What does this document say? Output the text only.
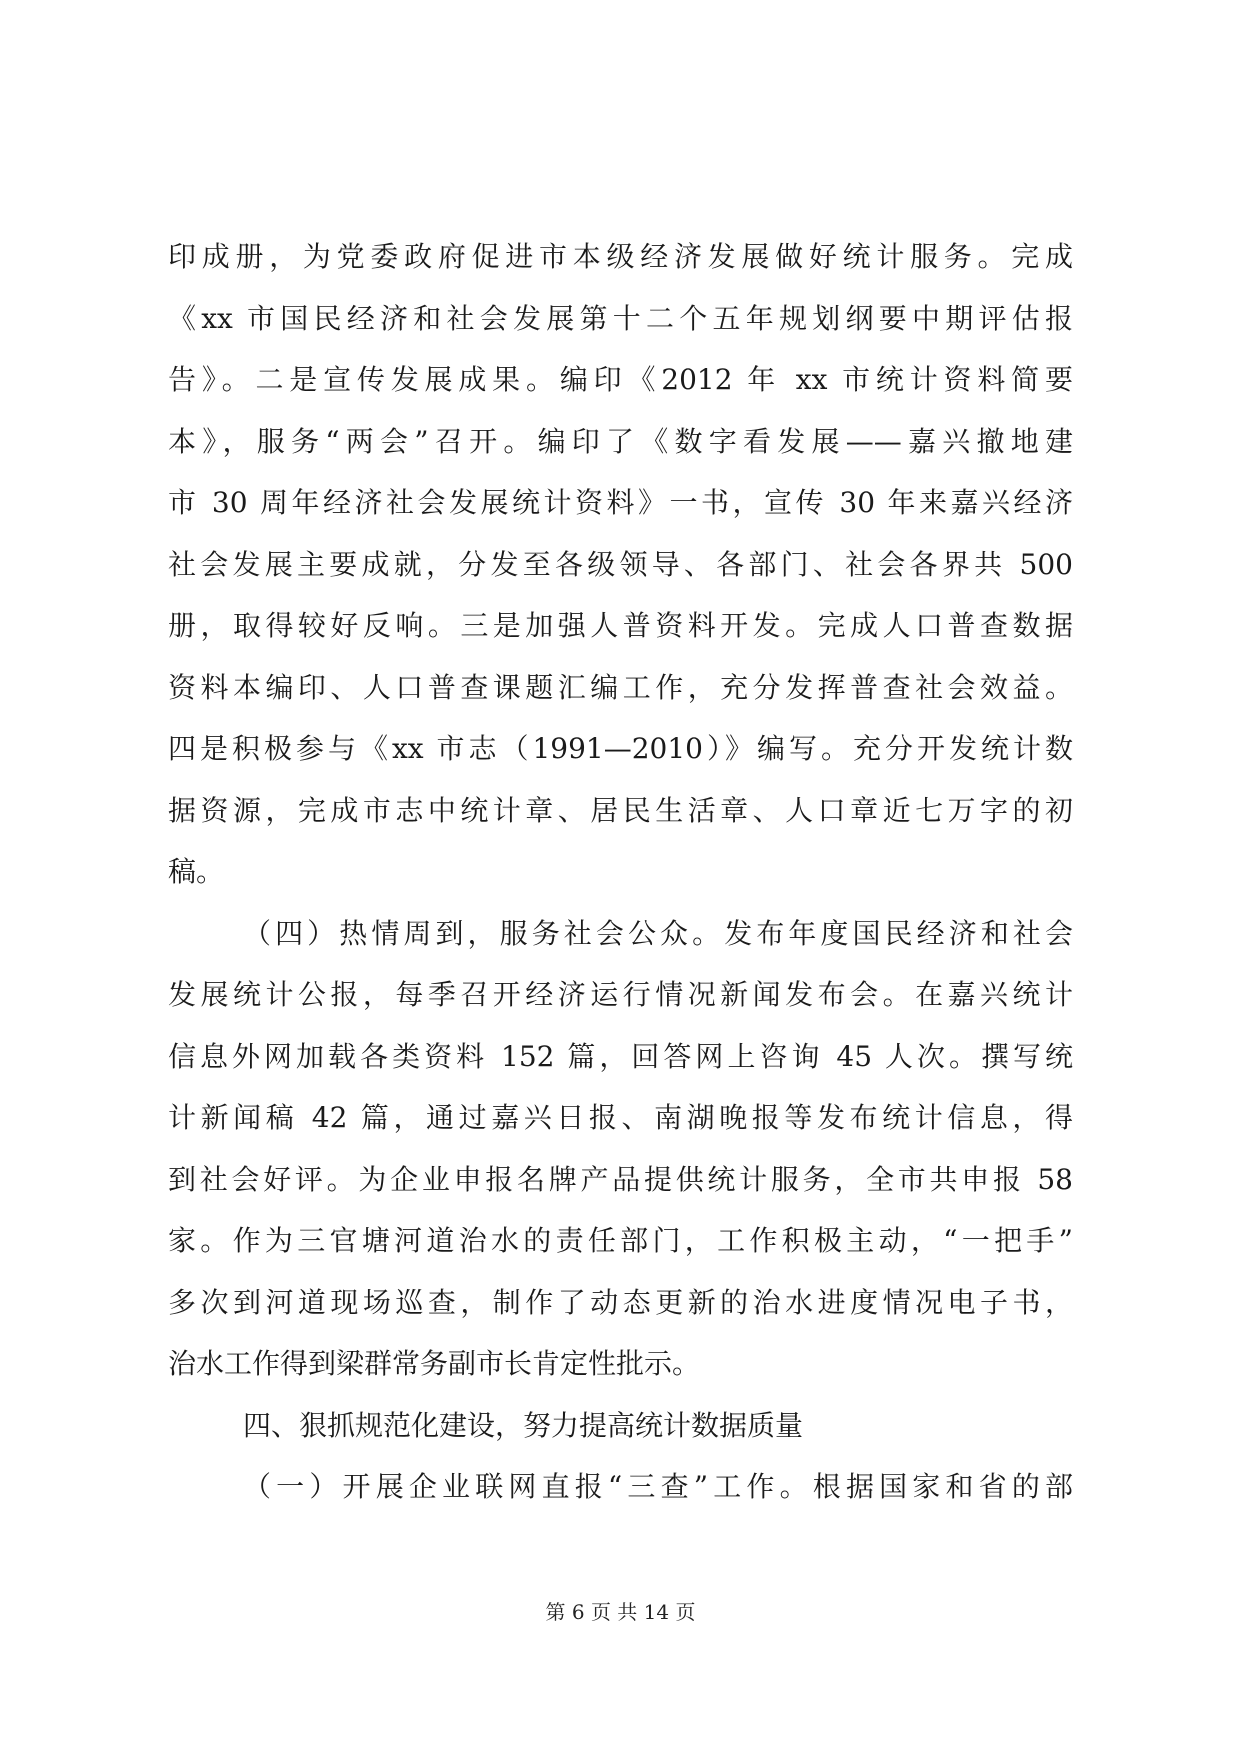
印成册，为党委政府促进市本级经济发展做好统计服务。完成
《xx 市国民经济和社会发展第十二个五年规划纲要中期评估报
告》。二是宣传发展成果。编印《2012 年 xx 市统计资料简要
本》，服务“两会”召开。编印了《数字看发展——嘉兴撤地建
市 30 周年经济社会发展统计资料》一书，宣传 30 年来嘉兴经济
社会发展主要成就，分发至各级领导、各部门、社会各界共 500
册，取得较好反响。三是加强人普资料开发。完成人口普查数据
资料本编印、人口普查课题汇编工作，充分发挥普查社会效益。
四是积极参与《xx 市志（1991—2010）》编写。充分开发统计数
据资源，完成市志中统计章、居民生活章、人口章近七万字的初
稿。
（四）热情周到，服务社会公众。发布年度国民经济和社会
发展统计公报，每季召开经济运行情况新闻发布会。在嘉兴统计
信息外网加载各类资料 152 篇，回答网上咨询 45 人次。撰写统
计新闻稿 42 篇，通过嘉兴日报、南湖晚报等发布统计信息，得
到社会好评。为企业申报名牌产品提供统计服务，全市共申报 58
家。作为三官塘河道治水的责任部门，工作积极主动，“一把手”
多次到河道现场巡查，制作了动态更新的治水进度情况电子书，
治水工作得到梁群常务副市长肯定性批示。
四、狠抓规范化建设，努力提高统计数据质量
（一）开展企业联网直报“三查”工作。根据国家和省的部
第 6 页 共 14 页
